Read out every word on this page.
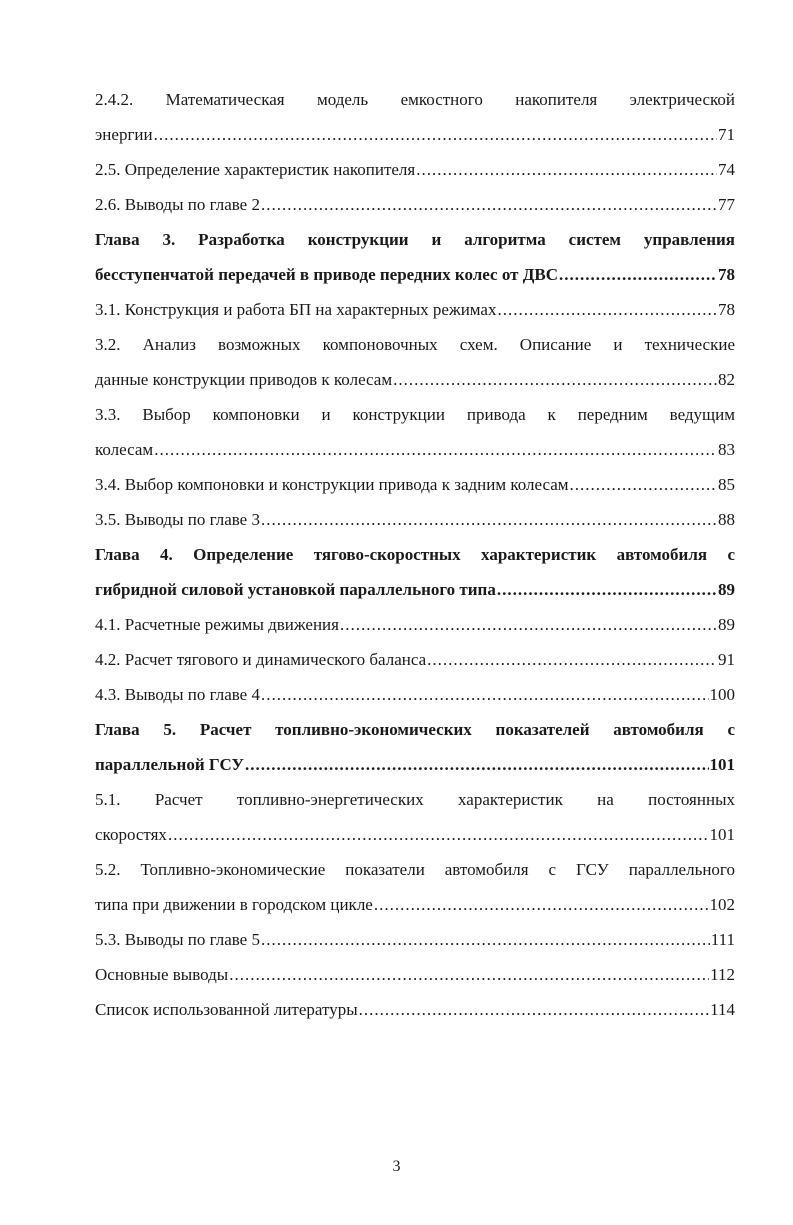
2.4.2. Математическая модель емкостного накопителя электрической
энергии .....	71
2.5. Определение характеристик накопителя .....	74
2.6. Выводы по главе 2 .....	77
Глава 3. Разработка конструкции и алгоритма систем управления
бесступенчатой передачей в приводе передних колес от ДВС .....	78
3.1. Конструкция и работа БП на характерных режимах .....	78
3.2. Анализ возможных компоновочных схем. Описание и технические
данные конструкции приводов к колесам .....	82
3.3. Выбор компоновки и конструкции привода к передним ведущим
колесам .....	83
3.4. Выбор компоновки и конструкции привода к задним колесам .....	85
3.5. Выводы по главе 3 .....	88
Глава 4. Определение тягово-скоростных характеристик автомобиля с
гибридной силовой установкой параллельного типа .....	89
4.1. Расчетные режимы движения .....	89
4.2. Расчет тягового и динамического баланса .....	91
4.3. Выводы по главе 4 .....	100
Глава 5. Расчет топливно-экономических показателей автомобиля с
параллельной ГСУ .....	101
5.1. Расчет топливно-энергетических характеристик на постоянных
скоростях .....	101
5.2. Топливно-экономические показатели автомобиля с ГСУ параллельного
типа при движении в городском цикле .....	102
5.3. Выводы по главе 5 .....	111
Основные выводы .....	112
Список использованной литературы .....	114
3
